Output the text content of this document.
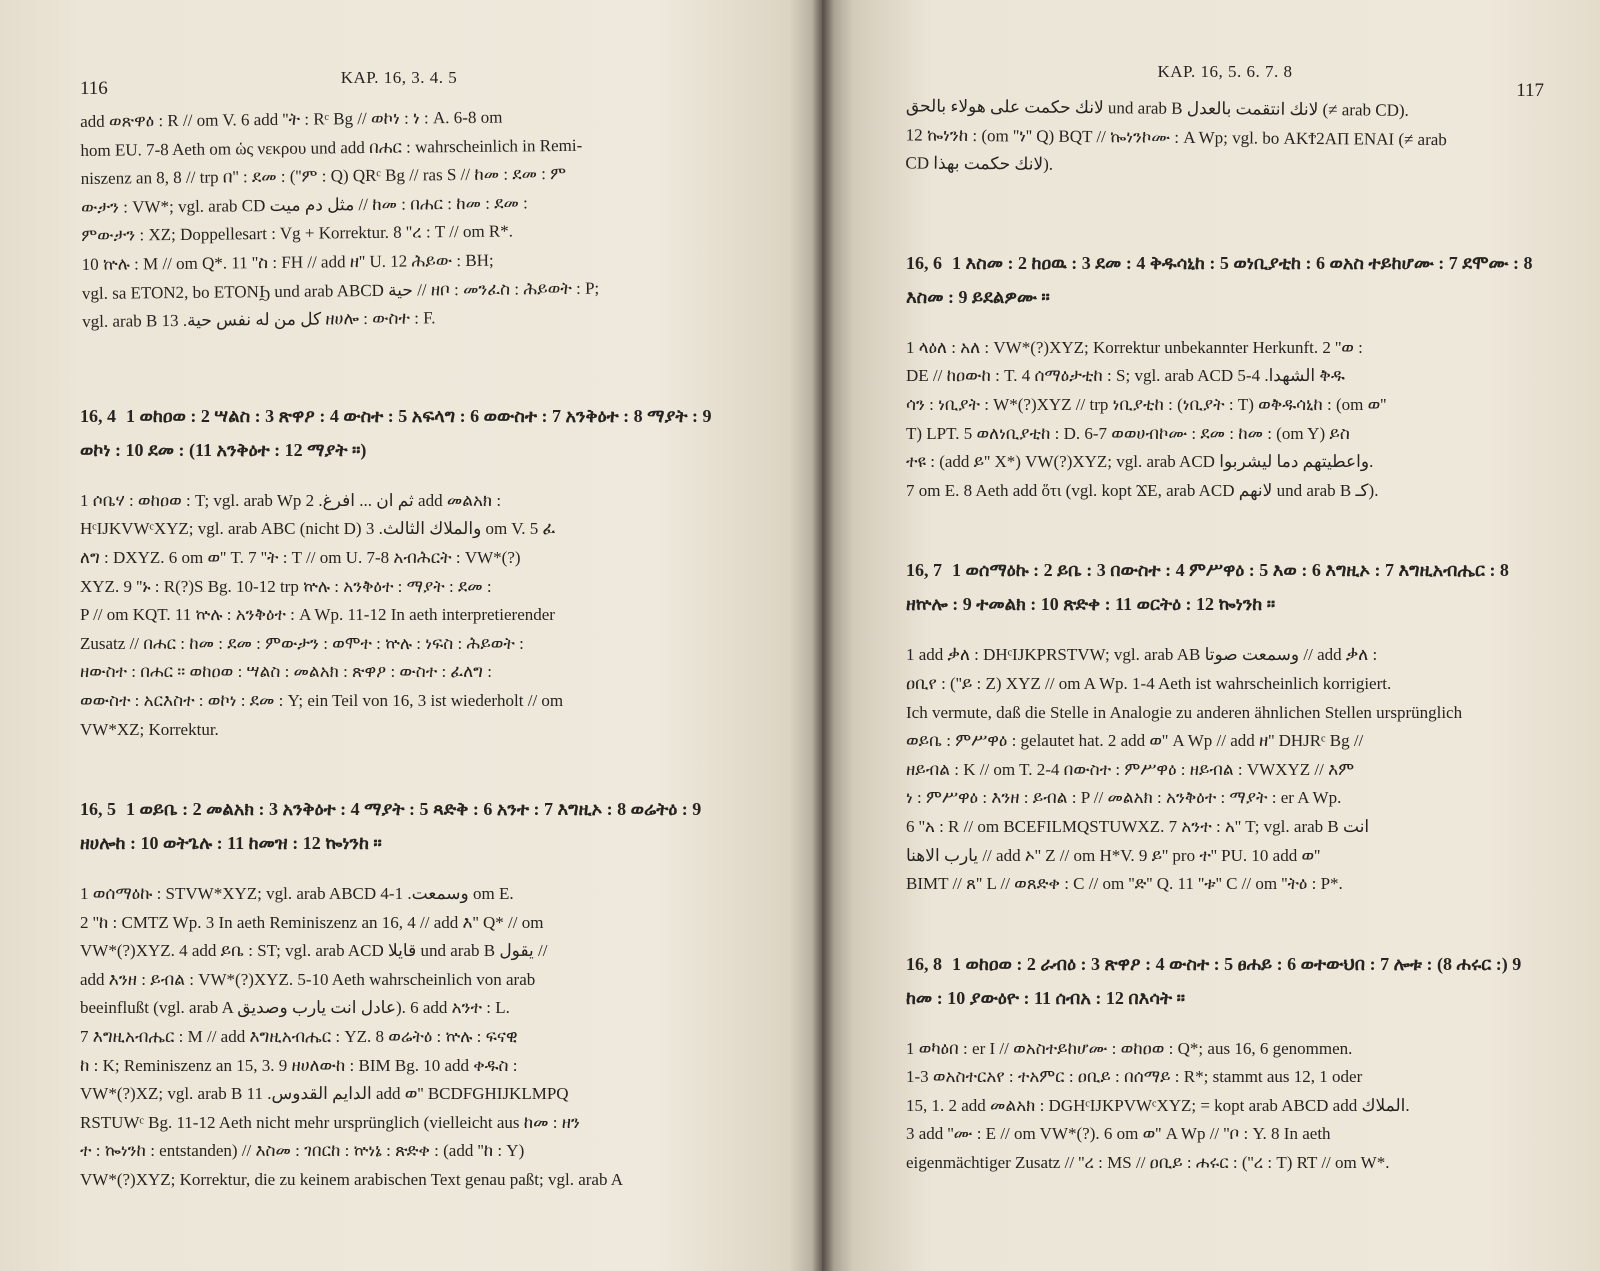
116
KAP. 16, 3. 4. 5

add ወጽዋዕ : R // om V. 6 add ''ት : Rᶜ Bg // ወኮነ : ነ : A. 6-8 om

hom EU. 7-8 Aeth om ὡς νεκρου und add በሐር : wahrscheinlich in Remi-

niszenz an 8, 8 // trp በ'' : ደመ : (''ም : Q) QRᶜ Bg // ras S // ከመ : ደመ : ም

ውታን : VW*; vgl. arab CD مثل دم ميت // ከመ : በሐር : ከመ : ደመ :

ምውታን : XZ; Doppellesart : Vg + Korrektur. 8 ''ረ : T // om R*.

10 ኵሉ : M // om Q*. 11 ''ስ : FH // add ዘ'' U. 12 ሕይው : BH;

vgl. sa ΕΤΟΝ2, bo ΕΤΟΝϦ und arab ABCD حية // ዘቦ : መንፈስ : ሕይወት : P;

vgl. arab B كل من له نفس حية. 13 ዘሀሎ : ውስተ : F.

16, 4 1 ወከዐወ : 2 ሣልስ : 3 ጽዋዖ : 4 ውስተ : 5 አፍላግ : 6 ወውስተ : 7 አንቅዕተ : 8 ማያት : 9 ወኮነ : 10 ደመ : (11 አንቅዕተ : 12 ማያት ።)

1 ሶቤሃ : ወከዐወ : T; vgl. arab Wp ثم ان ... افرغ. 2 add መልአክ :

HᶜIJKVWᶜXYZ; vgl. arab ABC (nicht D) والملاك الثالث. 3 om V. 5 ፈ

ለግ : DXYZ. 6 om ወ'' T. 7 ''ት : T // om U. 7-8 አብሕርት : VW*(?)

XYZ. 9 ''ኑ : R(?)S Bg. 10-12 trp ኵሉ : አንቅዕተ : ማያት : ደመ :

P // om KQT. 11 ኵሉ : አንቅዕተ : A Wp. 11-12 In aeth interpretierender

Zusatz // በሐር : ከመ : ደመ : ምውታን : ወሞተ : ኵሉ : ነፍስ : ሕይወት :

ዘውስተ : በሐር ። ወከዐወ : ሣልስ : መልአክ : ጽዋዖ : ውስተ : ፈለግ :

ወውስተ : አርእስተ : ወኮነ : ደመ : Y; ein Teil von 16, 3 ist wiederholt // om

VW*XZ; Korrektur.

16, 5 1 ወይቤ : 2 መልአክ : 3 አንቅዕተ : 4 ማያት : 5 ጻድቅ : 6 አንተ : 7 እግዚኦ : 8 ወሬትዕ : 9 ዘሀሎከ : 10 ወትጌሉ : 11 ከመዝ : 12 ኰነንከ ።

1 ወሰማዕኩ : STVW*XYZ; vgl. arab ABCD وسمعت. 1-4 om E.

2 ''ከ : CMTZ Wp. 3 In aeth Reminiszenz an 16, 4 // add እ'' Q* // om

VW*(?)XYZ. 4 add ይቤ : ST; vgl. arab ACD قايلا und arab B يقول //

add እንዘ : ይብል : VW*(?)XYZ. 5-10 Aeth wahrscheinlich von arab

beeinflußt (vgl. arab A عادل انت يارب وصديق). 6 add አንተ : L.

7 እግዚአብሔር : M // add እግዚአብሔር : YZ. 8 ወሬትዕ : ኵሉ : ፍናዊ

ከ : K; Reminiszenz an 15, 3. 9 ዘሀለውከ : BIM Bg. 10 add ቀዱስ :

VW*(?)XZ; vgl. arab B الدايم القدوس. 11 add ወ'' BCDFGHIJKLMPQ

RSTUWᶜ Bg. 11-12 Aeth nicht mehr ursprünglich (vielleicht aus ከመ : ዘን

ተ : ኰነንከ : entstanden) // እስመ : ገበርከ : ኵነኔ : ጽድቀ : (add ''ከ : Y)

VW*(?)XYZ; Korrektur, die zu keinem arabischen Text genau paßt; vgl. arab A

KAP. 16, 5. 6. 7. 8
117

لانك حكمت على هولاء بالحق und arab B لانك انتقمت بالعدل (≠ arab CD).

12 ኰነንከ : (om ''ነ'' Q) BQT // ኰነንኮሙ : A Wp; vgl. bo ΑΚϮ2ΑΠ ΕΝΑΙ (≠ arab

CD لانك حكمت بهذا).

16, 6 1 እስመ : 2 ከዐዉ : 3 ደመ : 4 ቅዱሳኒከ : 5 ወነቢያቲከ : 6 ወአስ ተይከሆሙ : 7 ደሞሙ : 8 እስመ : 9 ይደልዎሙ ።

1 ላዕለ : አለ : VW*(?)XYZ; Korrektur unbekannter Herkunft. 2 ''ወ :

DE // ከዐውከ : T. 4 ሰማዕታቲከ : S; vgl. arab ACD الشهدا. 4-5 ቅዱ

ሳን : ነቢያት : W*(?)XYZ // trp ነቢያቲከ : (ነቢያት : T) ወቅዱሳኒከ : (om ወ''

T) LPT. 5 ወለነቢያቲከ : D. 6-7 ወወሀብኮሙ : ደመ : ከመ : (om Y) ይስ

ተዩ : (add ይ'' X*) VW(?)XYZ; vgl. arab ACD واعطيتهم دما ليشربوا.

7 om E. 8 Aeth add ὅτι (vgl. kopt ϪΕ, arab ACD لانهم und arab B كـ).

16, 7 1 ወሰማዕኩ : 2 ይቤ : 3 በውስተ : 4 ምሥዋዕ : 5 እወ : 6 እግዚኦ : 7 እግዚአብሔር : 8 ዘኵሎ : 9 ተመልክ : 10 ጽድቀ : 11 ወርትዕ : 12 ኰነንከ ።

1 add ቃለ : DHᶜIJKPRSTVW; vgl. arab AB وسمعت صوتا // add ቃለ :

ዐቢየ : (''ይ : Z) XYZ // om A Wp. 1-4 Aeth ist wahrscheinlich korrigiert.

Ich vermute, daß die Stelle in Analogie zu anderen ähnlichen Stellen ursprünglich

ወይቤ : ምሥዋዕ : gelautet hat. 2 add ወ'' A Wp // add ዘ'' DHJRᶜ Bg //

ዘይብል : K // om T. 2-4 በውስተ : ምሥዋዕ : ዘይብል : VWXYZ // እም

ነ : ምሥዋዕ : እንዘ : ይብል : P // መልአክ : አንቅዕተ : ማያት : er A Wp.

6 ''አ : R // om BCEFILMQSTUWXZ. 7 አንተ : አ'' T; vgl. arab B انت

يارب الاهنا // add ኦ'' Z // om H*V. 9 ይ'' pro ተ'' PU. 10 add ወ''

BIMT // ጸ'' L // ወጸድቀ : C // om ''ድ'' Q. 11 ''ቱ'' C // om ''ትዕ : P*.

16, 8 1 ወከዐወ : 2 ራብዕ : 3 ጽዋዖ : 4 ውስተ : 5 ፀሐይ : 6 ወተውህበ : 7 ሎቱ : (8 ሐሩር :) 9 ከመ : 10 ያውዕዮ : 11 ሰብአ : 12 በእሳት ።

1 ወካዕበ : er I // ወአስተይከሆሙ : ወከዐወ : Q*; aus 16, 6 genommen.

1-3 ወአስተርአየ : ተአምር : ዐቢይ : በሰማይ : R*; stammt aus 12, 1 oder

15, 1. 2 add መልአክ : DGHᶜIJKPVWᶜXYZ; = kopt arab ABCD add الملاك.

3 add ''ሙ : E // om VW*(?). 6 om ወ'' A Wp // ''ቦ : Y. 8 In aeth

eigenmächtiger Zusatz // ''ረ : MS // ዐቢይ : ሐሩር : (''ረ : T) RT // om W*.
